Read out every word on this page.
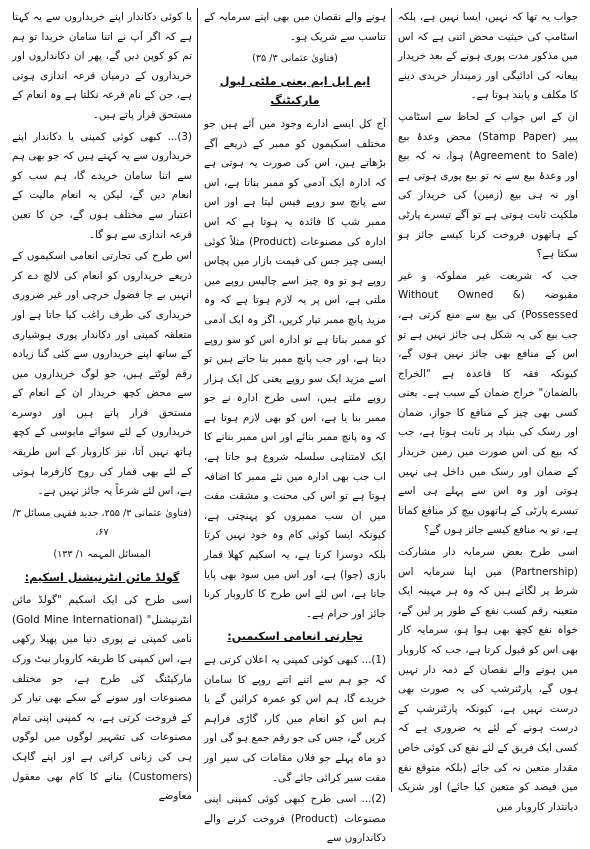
جواب یہ تھا کہ نہیں، ایسا نہیں ہے، بلکہ اسٹامپ کی حیثیت محض اتنی ہے کہ اس میں مذکور مدت پوری ہونے کے بعد خریدار بیعانہ کی ادائیگی اور زمیندار خریدی دینے کا مکلف و پابند ہوتا ہے۔

ان کے اس جواب کے لحاظ سے اسٹامپ پیپر (Stamp Paper) محض وعدۂ بیع (Agreement to Sale) ہوا، نہ کہ بیع اور وعدۂ بیع سے نہ تو بیع پوری ہوتی ہے اور نہ ہی بیع (زمین) کی خریدار کی ملکیت ثابت ہوتی ہے تو آگے تیسرے پارٹی کے ہاتھوں فروخت کرنا کیسے جائز ہو سکتا ہے؟

جب کہ شریعت غیر مملوکہ و غیر مقبوضہ (Without Owned & Possessed) کی بیع سے منع کرتی ہے، جب بیع کی یہ شکل ہی جائز نہیں ہے تو اس کے منافع بھی جائز نہیں ہوں گے، کیونکہ فقہ کا قاعدہ ہے "الخراج بالضمان" خراج ضمان کے سبب ہے۔ یعنی کسی بھی چیز کے منافع کا جواز، ضمان اور رسک کی بنیاد پر ثابت ہوتا ہے، جب کہ بیع کی اس صورت میں زمین خریدار کے ضمان اور رسک میں داخل ہی نہیں ہوتی اور وہ اس سے پہلے ہی اسے تیسرے پارٹی کے ہاتھوں بیچ کر منافع کماتا ہے، تو یہ منافع کیسے جائز ہوں گے؟

اسی طرح بعض سرمایہ دار مشارکت (Partnership) میں اپنا سرمایہ اس شرط پر لگاتے ہیں کہ وہ ہر مہینہ ایک متعینہ رقم کسب نفع کے طور پر لیں گے، خواہ نفع کچھ بھی ہوا ہو، سرمایہ کار بھی اس کو قبول کرتا ہے، جب کہ کاروبار میں ہونے والے نقصان کے ذمہ دار نہیں ہوں گے، پارٹنرشپ کی یہ صورت بھی درست نہیں ہے، کیونکہ پارٹنرشپ کے درست ہونے کے لئے یہ ضروری ہے کہ کسی ایک فریق کے لئے نفع کی کوئی خاص مقدار متعین نہ کی جائے (بلکہ متوقع نفع میں فیصد کو متعین کیا جائے) اور شریک دیانتدار کاروبار میں

ہونے والے نقصان میں بھی اپنے سرمایہ کے تناسب سے شریک ہو۔

(فتاویٰ عثمانی ۳/ ۳۵)

ایم ایل ایم یعنی ملٹی لیول مارکیٹنگ

آج کل ایسے ادارے وجود میں آئے ہیں جو مختلف اسکیموں کو ممبر کے ذریعے آگے بڑھاتے ہیں، اس کی صورت یہ ہوتی ہے کہ ادارہ ایک آدمی کو ممبر بناتا ہے، اس سے پانچ سو روپے فیس لیتا ہے اور اس ممبر شپ کا فائدہ یہ ہوتا ہے کہ اس ادارہ کی مصنوعات (Product) مثلاً کوئی ایسی چیز جس کی قیمت بازار میں پچاس روپے ہو تو وہ چیز اسے چالیس روپے میں ملتی ہے، اس پر یہ لازم ہوتا ہے کہ وہ مزید پانچ ممبر تیار کریں، اگر وہ ایک آدمی کو ممبر بناتا ہے تو ادارہ اس کو سو روپے دیتا ہے، اور جب پانچ ممبر بنا جاتے ہیں تو اسے مزید ایک سو روپے یعنی کل ایک ہزار روپے ملتے ہیں، اسی طرح ادارہ نے جو ممبر بنا یا ہے، اس کو بھی لازم ہوتا ہے کہ وہ پانچ ممبر بنائے اور اس ممبر بنانے کا ایک لامتناہی سلسلہ شروع ہو جاتا ہے، اب جب بھی ادارہ میں نئے ممبر کا اضافہ ہوتا ہے تو اس کی محنت و مشقت مفت میں ان سب ممبروں کو پہنچتی ہے، کیونکہ ایسا کوئی کام وہ خود نہیں کرتا بلکہ دوسرا کرتا ہے، یہ اسکیم کھلا قمار بازی (جوا) ہے، اور اس میں سود بھی پایا جاتا ہے، اس لئے اس طرح کا کاروبار کرنا جائز اور حرام ہے۔

تجارتی انعامی اسکیمیں:

(1)... کبھی کوئی کمپنی یہ اعلان کرتی ہے کہ جو ہم سے اتنے اتنے روپے کا سامان خریدے گا، ہم اس کو عمرہ کرائیں گے یا ہم اس کو انعام میں کار، گاڑی فراہم کریں گے، جس کی جو رقم جمع ہو گی اور دو ماہ پہلے جو فلاں مقامات کی سیر اور مفت سیر کرائی جائے گی۔

(2)... اسی طرح کبھی کوئی کمپنی اپنی مصنوعات (Product) فروخت کرنے والے دکانداروں سے

یا کوئی دکاندار اپنے خریداروں سے یہ کہتا ہے کہ اگر آپ نے اتنا سامان خریدا تو ہم تم کو کوپن دیں گے، پھر ان دکانداروں اور خریداروں کے درمیان قرعہ اندازی ہوتی ہے، جن کے نام قرعہ نکلتا ہے وہ انعام کے مستحق قرار پاتے ہیں۔

(3)... کبھی کوئی کمپنی یا دکاندار اپنے خریداروں سے یہ کہتے ہیں کہ جو بھی ہم سے اتنا سامان خریدے گا، ہم سب کو انعام دیں گے، لیکن یہ انعام مالیت کے اعتبار سے مختلف ہوں گے، جن کا تعین قرعہ اندازی سے ہو گا۔

اس طرح کی تجارتی انعامی اسکیموں کے ذریعے خریداروں کو انعام کی لالچ دے کر انہیں بے جا فضول خرچی اور غیر ضروری خریداری کی طرف راغب کیا جاتا ہے اور متعلقہ کمپنی اور دکاندار پوری ہوشیاری کے ساتھ اپنے خریداروں سے کئی گنا زیادہ رقم لوٹتے ہیں، جو لوگ خریداروں میں سے محض کچھ خریدار ان کے انعام کے مستحق قرار پاتے ہیں اور دوسرے خریداروں کے لئے سوائے مایوسی کے کچھ ہاتھ نہیں آتا، نیز کاروبار کے اس طریقہ کے لئے بھی قمار کی روح کارفرما ہوتی ہے، اس لئے شرعاً یہ جائز نہیں ہے۔

(فتاویٰ عثمانی ۳/ ۲۵۵، جدید فقہی مسائل ۳/ ۶۷،

المسائل المہمہ ۱/ ۱۳۳)

گولڈ مائن انٹرنیشنل اسکیم:

اسی طرح کی ایک اسکیم "گولڈ مائن انٹرنیشنل" (Gold Mine International) نامی کمپنی نے پوری دنیا میں پھیلا رکھی ہے، اس کمپنی کا طریقہ کاروبار نیٹ ورک مارکیٹنگ کی طرح ہے، جو مختلف مصنوعات اور سونے کے سکے بھی تیار کر کے فروخت کرتی ہے، یہ کمپنی اپنی تمام مصنوعات کی تشہیر لوگوں میں لوگوں ہی کی زبانی کراتی ہے اور اپنے گاہک (Customers) بنانے کا کام بھی معقول معاوضے
